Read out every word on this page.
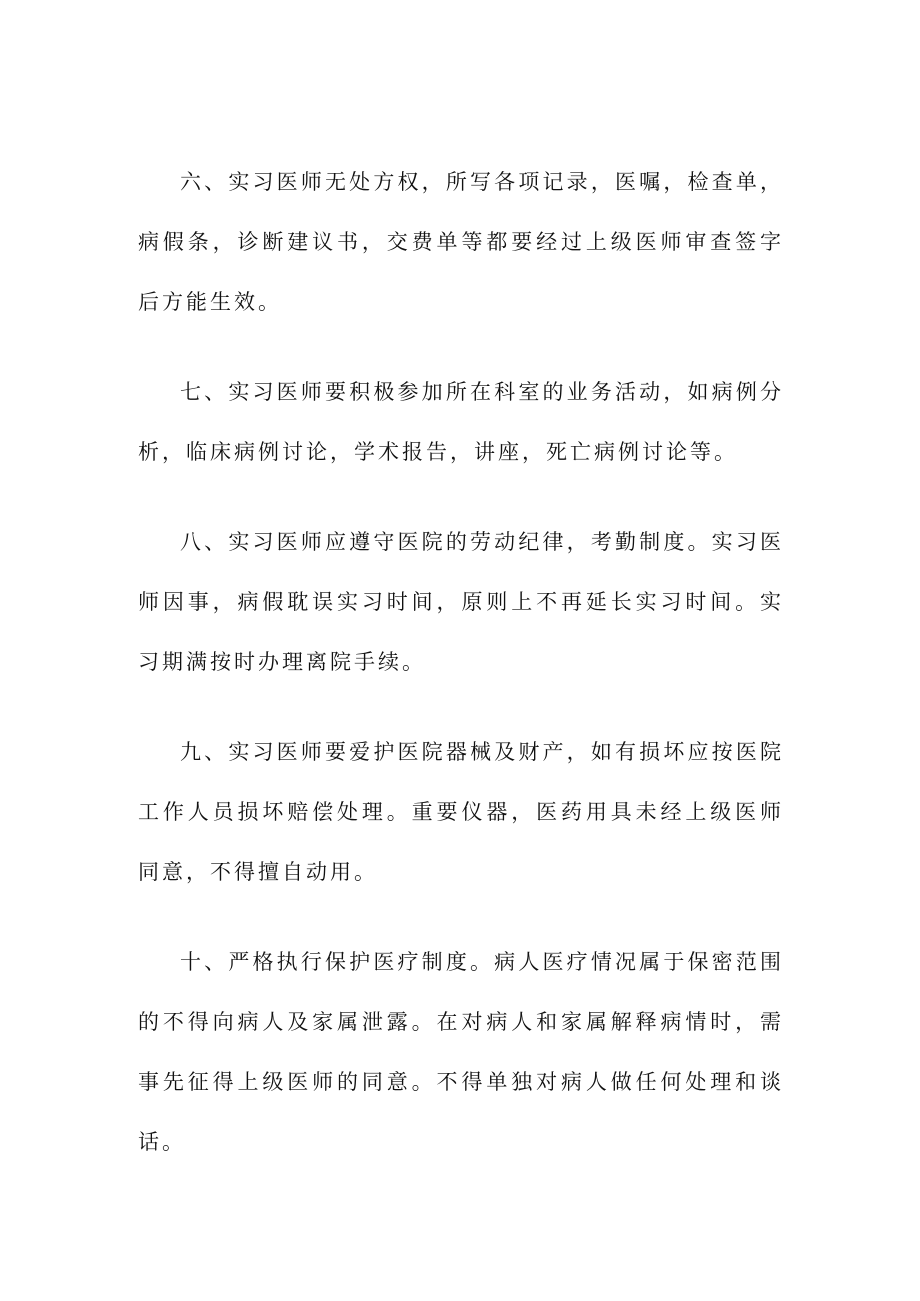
六、实习医师无处方权，所写各项记录，医嘱，检查单，病假条，诊断建议书，交费单等都要经过上级医师审查签字后方能生效。

七、实习医师要积极参加所在科室的业务活动，如病例分析，临床病例讨论，学术报告，讲座，死亡病例讨论等。

八、实习医师应遵守医院的劳动纪律，考勤制度。实习医师因事，病假耽误实习时间，原则上不再延长实习时间。实习期满按时办理离院手续。

九、实习医师要爱护医院器械及财产，如有损坏应按医院工作人员损坏赔偿处理。重要仪器，医药用具未经上级医师同意，不得擅自动用。

十、严格执行保护医疗制度。病人医疗情况属于保密范围的不得向病人及家属泄露。在对病人和家属解释病情时，需事先征得上级医师的同意。不得单独对病人做任何处理和谈话。
